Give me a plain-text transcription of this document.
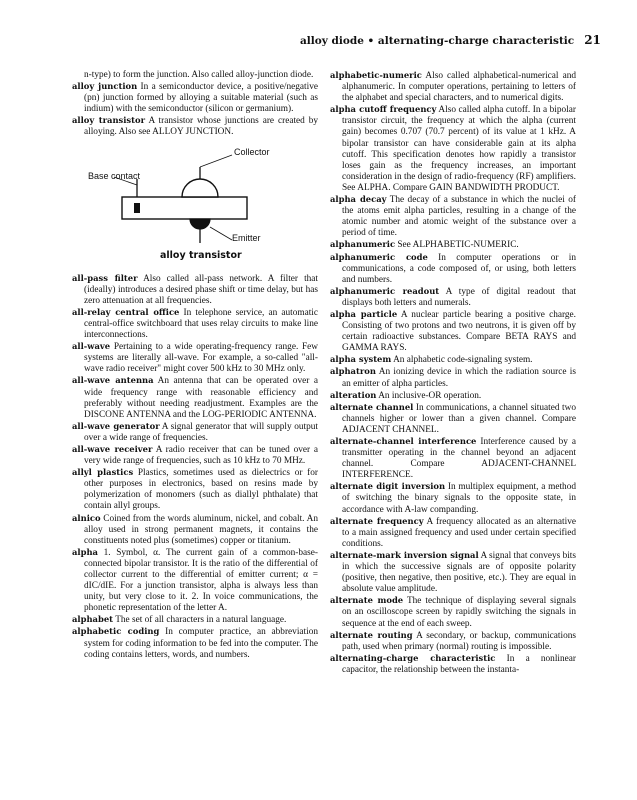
alloy diode • alternating-charge characteristic 21

n-type) to form the junction. Also called alloy-junction diode.

alloy junction In a semiconductor device, a positive/negative (pn) junction formed by alloying a suitable material (such as indium) with the semiconductor (silicon or germanium).

alloy transistor A transistor whose junctions are created by alloying. Also see ALLOY JUNCTION.

Collector
Base contact
Emitter
alloy transistor

all-pass filter Also called all-pass network. A filter that (ideally) introduces a desired phase shift or time delay, but has zero attenuation at all frequencies.

all-relay central office In telephone service, an automatic central-office switchboard that uses relay circuits to make line interconnections.

all-wave Pertaining to a wide operating-frequency range. Few systems are literally all-wave. For example, a so-called "all-wave radio receiver" might cover 500 kHz to 30 MHz only.

all-wave antenna An antenna that can be operated over a wide frequency range with reasonable efficiency and preferably without needing readjustment. Examples are the DISCONE ANTENNA and the LOG-PERIODIC ANTENNA.

all-wave generator A signal generator that will supply output over a wide range of frequencies.

all-wave receiver A radio receiver that can be tuned over a very wide range of frequencies, such as 10 kHz to 70 MHz.

allyl plastics Plastics, sometimes used as dielectrics or for other purposes in electronics, based on resins made by polymerization of monomers (such as diallyl phthalate) that contain allyl groups.

alnico Coined from the words aluminum, nickel, and cobalt. An alloy used in strong permanent magnets, it contains the constituents noted plus (sometimes) copper or titanium.

alpha 1. Symbol, α. The current gain of a common-base-connected bipolar transistor. It is the ratio of the differential of collector current to the differential of emitter current; α = dIC/dIE. For a junction transistor, alpha is always less than unity, but very close to it. 2. In voice communications, the phonetic representation of the letter A.

alphabet The set of all characters in a natural language.

alphabetic coding In computer practice, an abbreviation system for coding information to be fed into the computer. The coding contains letters, words, and numbers.

alphabetic-numeric Also called alphabetical-numerical and alphanumeric. In computer operations, pertaining to letters of the alphabet and special characters, and to numerical digits.

alpha cutoff frequency Also called alpha cutoff. In a bipolar transistor circuit, the frequency at which the alpha (current gain) becomes 0.707 (70.7 percent) of its value at 1 kHz. A bipolar transistor can have considerable gain at its alpha cutoff. This specification denotes how rapidly a transistor loses gain as the frequency increases, an important consideration in the design of radio-frequency (RF) amplifiers. See ALPHA. Compare GAIN BANDWIDTH PRODUCT.

alpha decay The decay of a substance in which the nuclei of the atoms emit alpha particles, resulting in a change of the atomic number and atomic weight of the substance over a period of time.

alphanumeric See ALPHABETIC-NUMERIC.

alphanumeric code In computer operations or in communications, a code composed of, or using, both letters and numbers.

alphanumeric readout A type of digital readout that displays both letters and numerals.

alpha particle A nuclear particle bearing a positive charge. Consisting of two protons and two neutrons, it is given off by certain radioactive substances. Compare BETA RAYS and GAMMA RAYS.

alpha system An alphabetic code-signaling system.

alphatron An ionizing device in which the radiation source is an emitter of alpha particles.

alteration An inclusive-OR operation.

alternate channel In communications, a channel situated two channels higher or lower than a given channel. Compare ADJACENT CHANNEL.

alternate-channel interference Interference caused by a transmitter operating in the channel beyond an adjacent channel. Compare ADJACENT-CHANNEL INTERFERENCE.

alternate digit inversion In multiplex equipment, a method of switching the binary signals to the opposite state, in accordance with A-law companding.

alternate frequency A frequency allocated as an alternative to a main assigned frequency and used under certain specified conditions.

alternate-mark inversion signal A signal that conveys bits in which the successive signals are of opposite polarity (positive, then negative, then positive, etc.). They are equal in absolute value amplitude.

alternate mode The technique of displaying several signals on an oscilloscope screen by rapidly switching the signals in sequence at the end of each sweep.

alternate routing A secondary, or backup, communications path, used when primary (normal) routing is impossible.

alternating-charge characteristic In a nonlinear capacitor, the relationship between the instanta-
